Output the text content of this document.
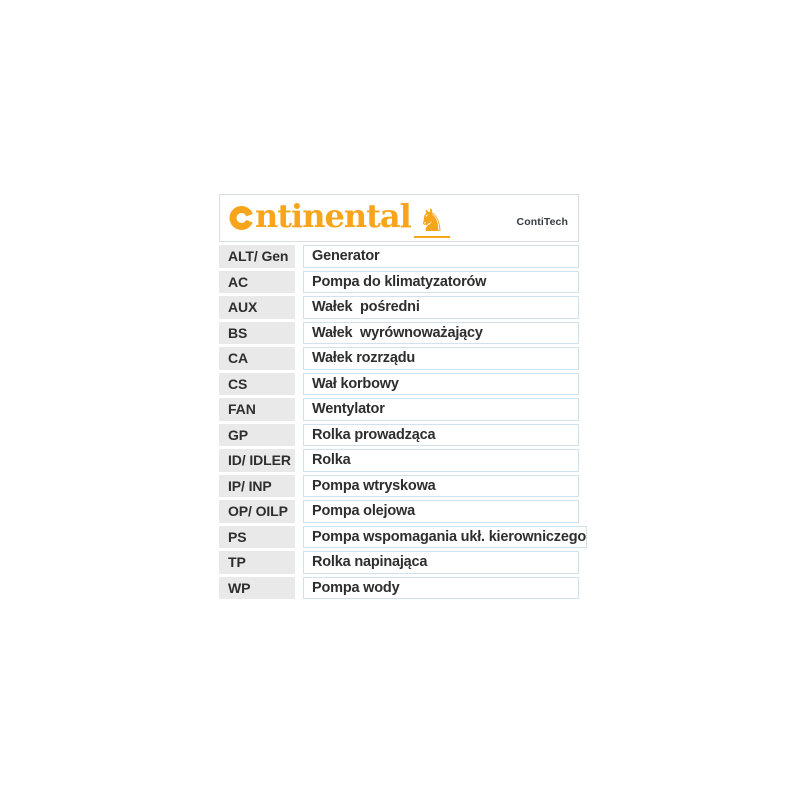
ntinental ♞	ContiTech
ALT/ Gen	Generator
AC	Pompa do klimatyzatorów
AUX	Wałek  pośredni
BS	Wałek  wyrównoważający
CA	Wałek rozrządu
CS	Wał korbowy
FAN	Wentylator
GP	Rolka prowadząca
ID/ IDLER	Rolka
IP/ INP	Pompa wtryskowa
OP/ OILP	Pompa olejowa
PS	Pompa wspomagania ukł. kierowniczego
TP	Rolka napinająca
WP	Pompa wody
